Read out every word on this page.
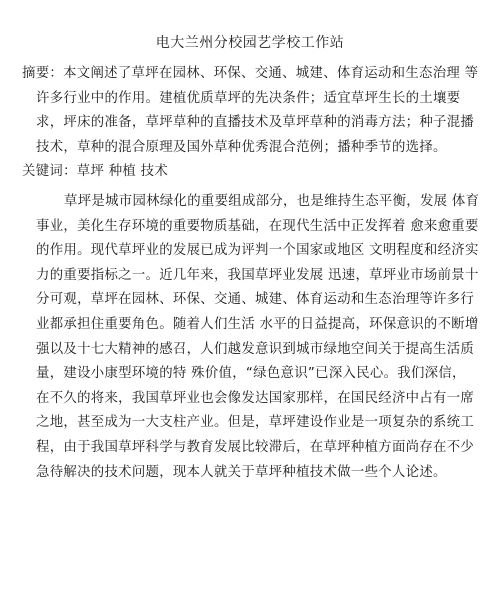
电大兰州分校园艺学校工作站
摘要：本文阐述了草坪在园林、环保、交通、城建、体育运动和生态治理 等
许多行业中的作用。建植优质草坪的先决条件；适宜草坪生长的土壤要
求，坪床的准备，草坪草种的直播技术及草坪草种的消毒方法；种子混播
技术，草种的混合原理及国外草种优秀混合范例；播种季节的选择。
关键词：草坪 种植 技术
草坪是城市园林绿化的重要组成部分，也是维持生态平衡，发展 体育
事业，美化生存环境的重要物质基础，在现代生活中正发挥着 愈来愈重要
的作用。现代草坪业的发展已成为评判一个国家或地区 文明程度和经济实
力的重要指标之一。近几年来，我国草坪业发展 迅速，草坪业市场前景十
分可观，草坪在园林、环保、交通、城建、体育运动和生态治理等许多行
业都承担住重要角色。随着人们生活 水平的日益提高，环保意识的不断增
强以及十七大精神的感召，人们越发意识到城市绿地空间关于提高生活质
量，建设小康型环境的特 殊价值，“绿色意识”已深入民心。我们深信，
在不久的将来，我国草坪业也会像发达国家那样，在国民经济中占有一席
之地，甚至成为一大支柱产业。但是，草坪建设作业是一项复杂的系统工
程，由于我国草坪科学与教育发展比较滞后，在草坪种植方面尚存在不少
急待解决的技术问题，现本人就关于草坪种植技术做一些个人论述。
